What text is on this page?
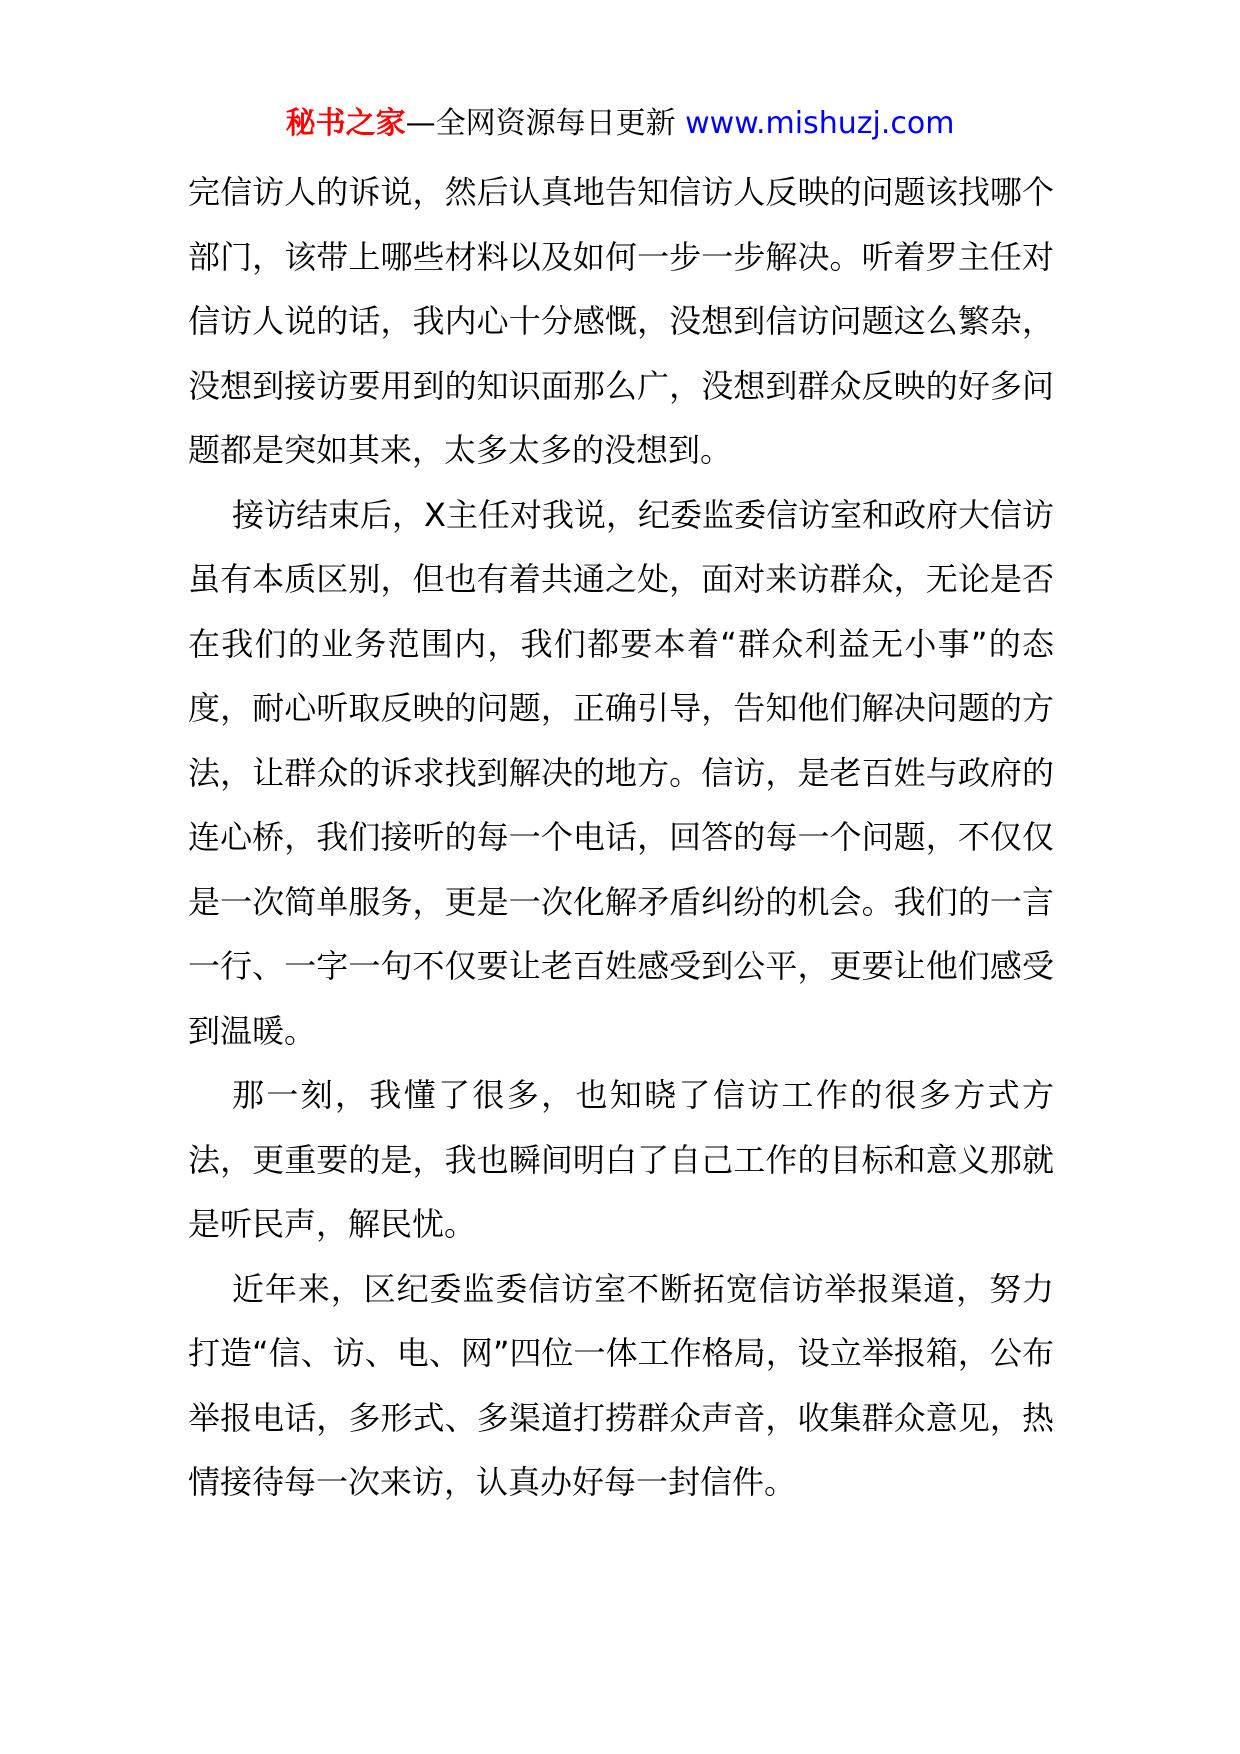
秘书之家—全网资源每日更新 www.mishuzj.com

完信访人的诉说，然后认真地告知信访人反映的问题该找哪个部门，该带上哪些材料以及如何一步一步解决。听着罗主任对信访人说的话，我内心十分感慨，没想到信访问题这么繁杂，没想到接访要用到的知识面那么广，没想到群众反映的好多问题都是突如其来，太多太多的没想到。

接访结束后，X主任对我说，纪委监委信访室和政府大信访虽有本质区别，但也有着共通之处，面对来访群众，无论是否在我们的业务范围内，我们都要本着“群众利益无小事”的态度，耐心听取反映的问题，正确引导，告知他们解决问题的方法，让群众的诉求找到解决的地方。信访，是老百姓与政府的连心桥，我们接听的每一个电话，回答的每一个问题，不仅仅是一次简单服务，更是一次化解矛盾纠纷的机会。我们的一言一行、一字一句不仅要让老百姓感受到公平，更要让他们感受到温暖。

那一刻，我懂了很多，也知晓了信访工作的很多方式方法，更重要的是，我也瞬间明白了自己工作的目标和意义那就是听民声，解民忧。

近年来，区纪委监委信访室不断拓宽信访举报渠道，努力打造“信、访、电、网”四位一体工作格局，设立举报箱，公布举报电话，多形式、多渠道打捞群众声音，收集群众意见，热情接待每一次来访，认真办好每一封信件。
